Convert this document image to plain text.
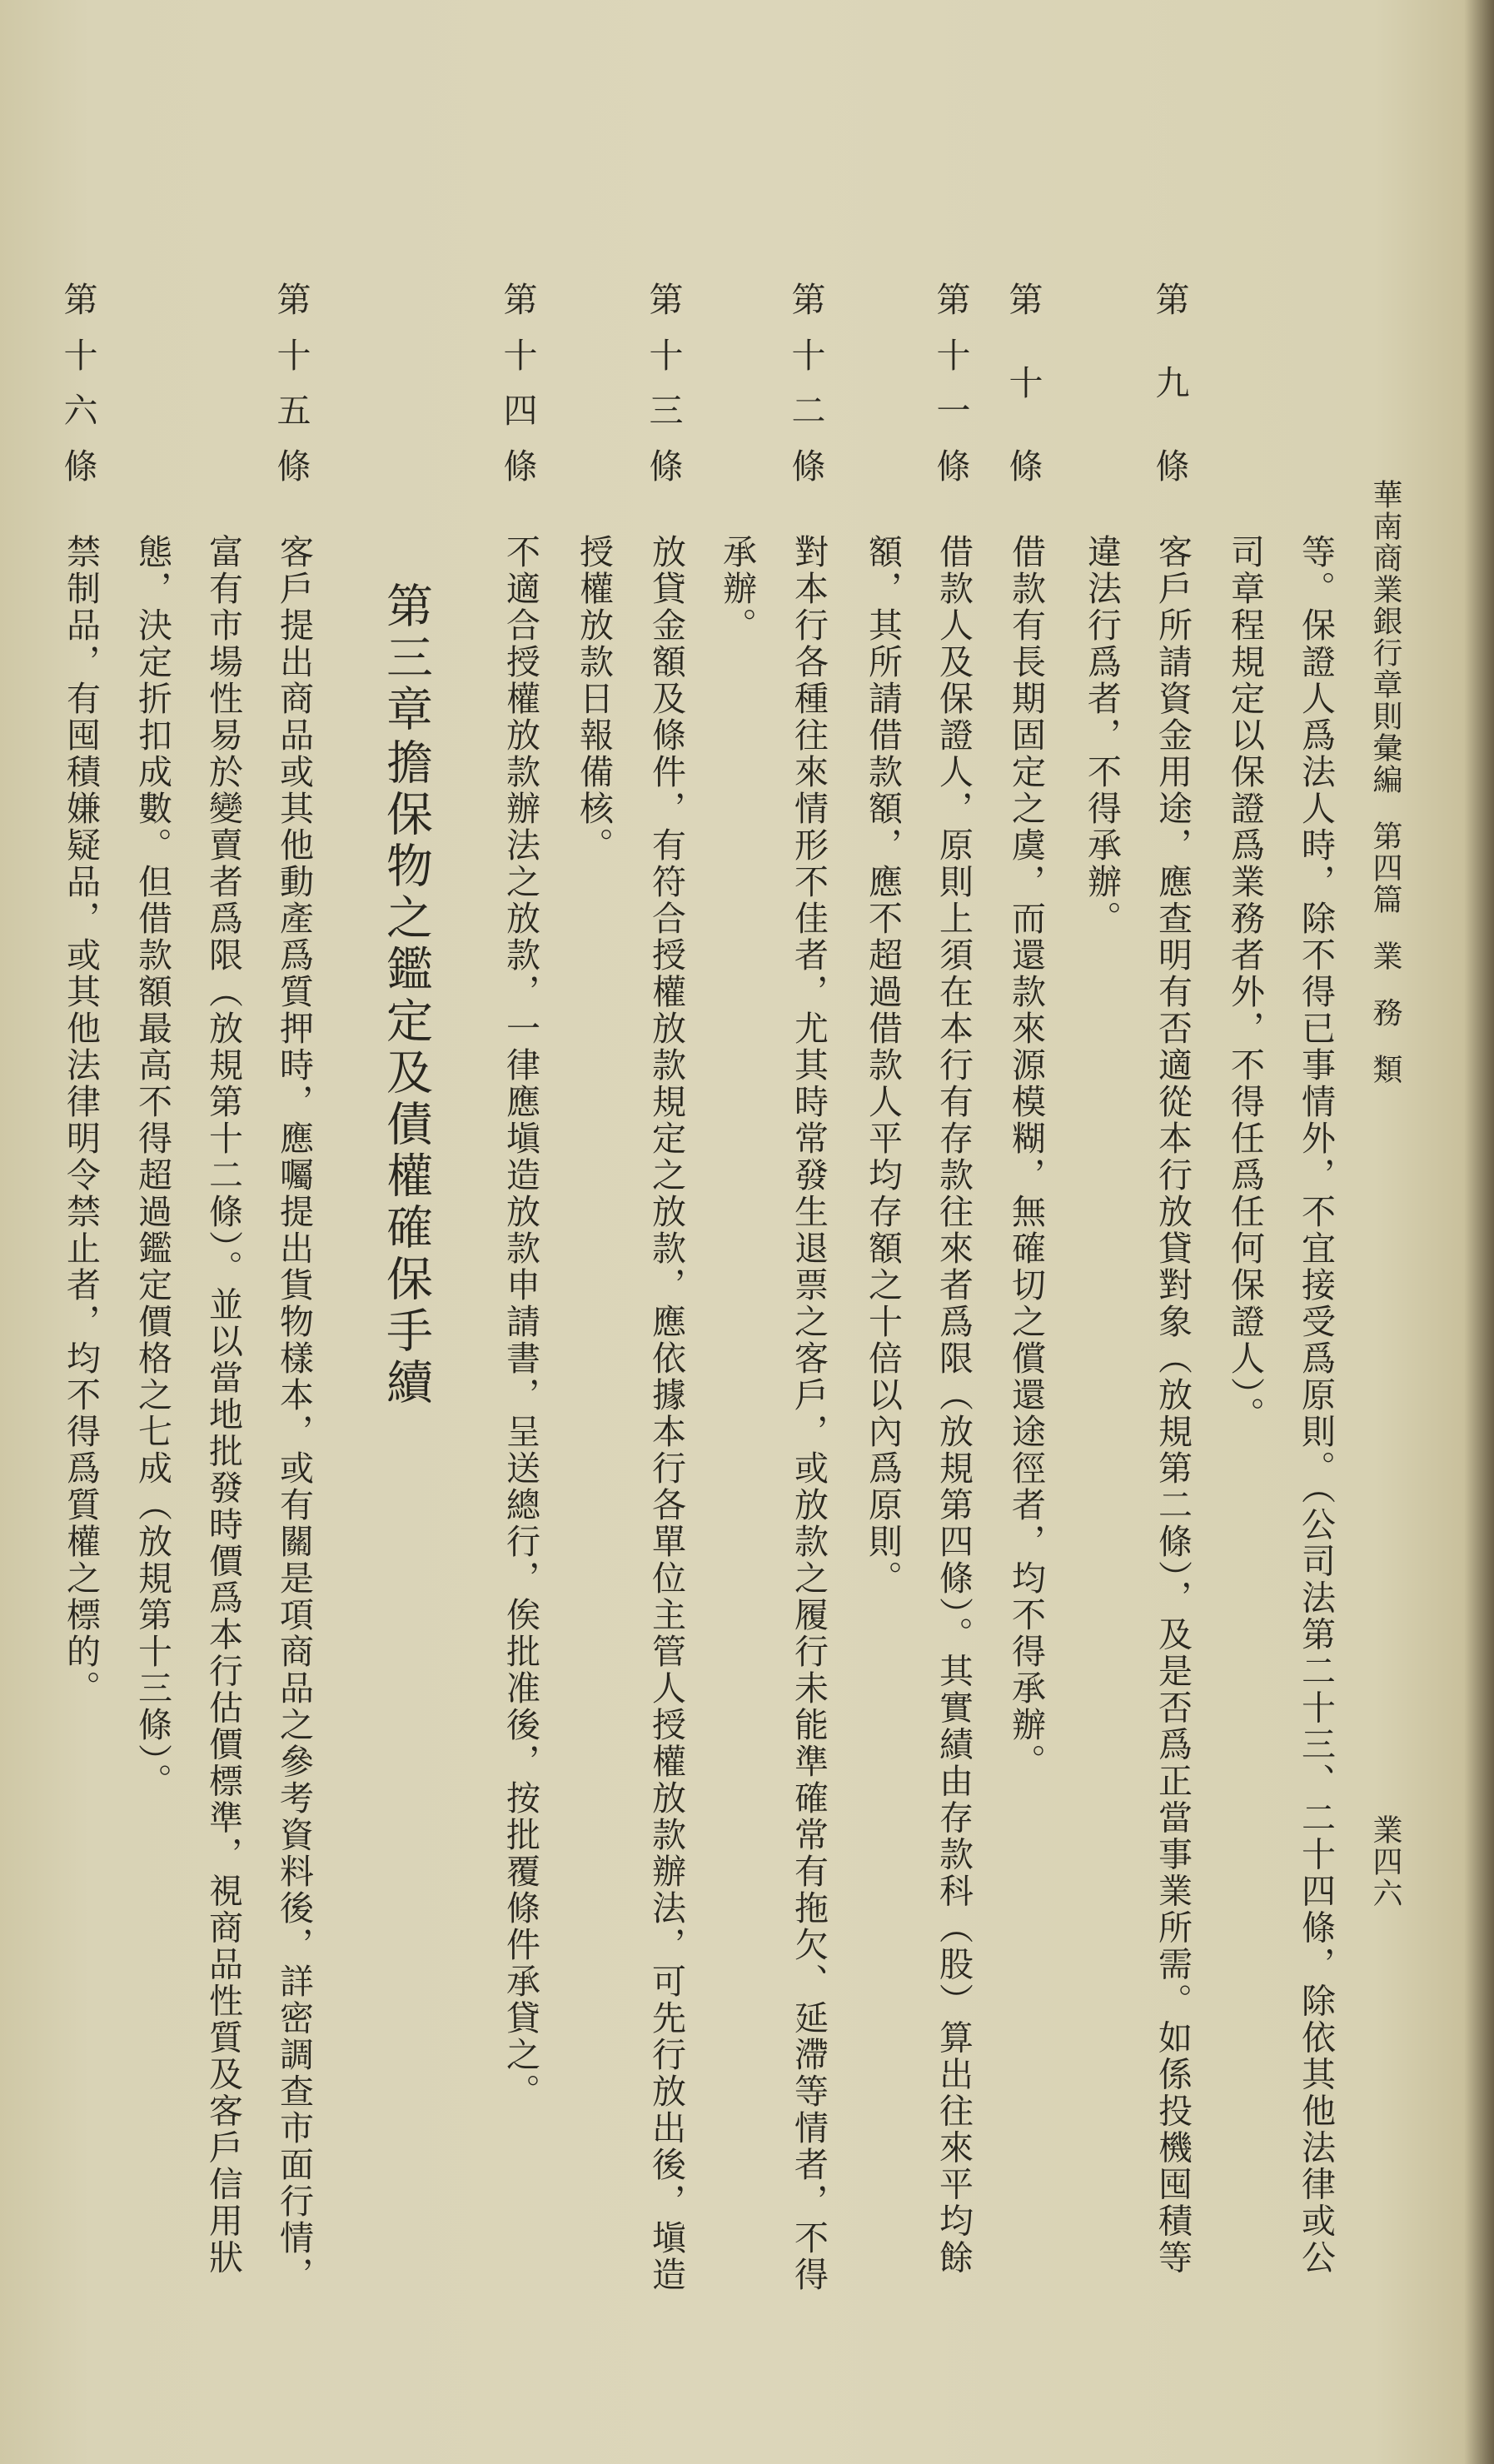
華南商業銀行章則彙編第四篇業務類
業四六
等。保證人爲法人時，除不得已事情外，不宜接受爲原則。（公司法第二十三、二十四條，除依其他法律或公
司章程規定以保證爲業務者外，不得任爲任何保證人）。
第
九
條
客戶所請資金用途，應查明有否適從本行放貸對象（放規第二條），及是否爲正當事業所需。如係投機囤積等
違法行爲者，不得承辦。
第
十
條
借款有長期固定之虞，而還款來源模糊，無確切之償還途徑者，均不得承辦。
第
十
一
條
借款人及保證人，原則上須在本行有存款往來者爲限（放規第四條）。其實績由存款科（股）算出往來平均餘
額，其所請借款額，應不超過借款人平均存額之十倍以內爲原則。
第
十
二
條
對本行各種往來情形不佳者，尤其時常發生退票之客戶，或放款之履行未能準確常有拖欠、延滯等情者，不得
承辦。
第
十
三
條
放貸金額及條件，有符合授權放款規定之放款，應依據本行各單位主管人授權放款辦法，可先行放出後，塡造
授權放款日報備核。
第
十
四
條
不適合授權放款辦法之放款，一律應塡造放款申請書，呈送總行，俟批准後，按批覆條件承貸之。
第三章
擔保物之鑑定及債權確保手續
第
十
五
條
客戶提出商品或其他動產爲質押時，應囑提出貨物樣本，或有關是項商品之參考資料後，詳密調查市面行情，
富有市場性易於變賣者爲限（放規第十二條）。並以當地批發時價爲本行估價標準，視商品性質及客戶信用狀
態，決定折扣成數。但借款額最高不得超過鑑定價格之七成（放規第十三條）。
第
十
六
條
禁制品，有囤積嫌疑品，或其他法律明令禁止者，均不得爲質權之標的。
